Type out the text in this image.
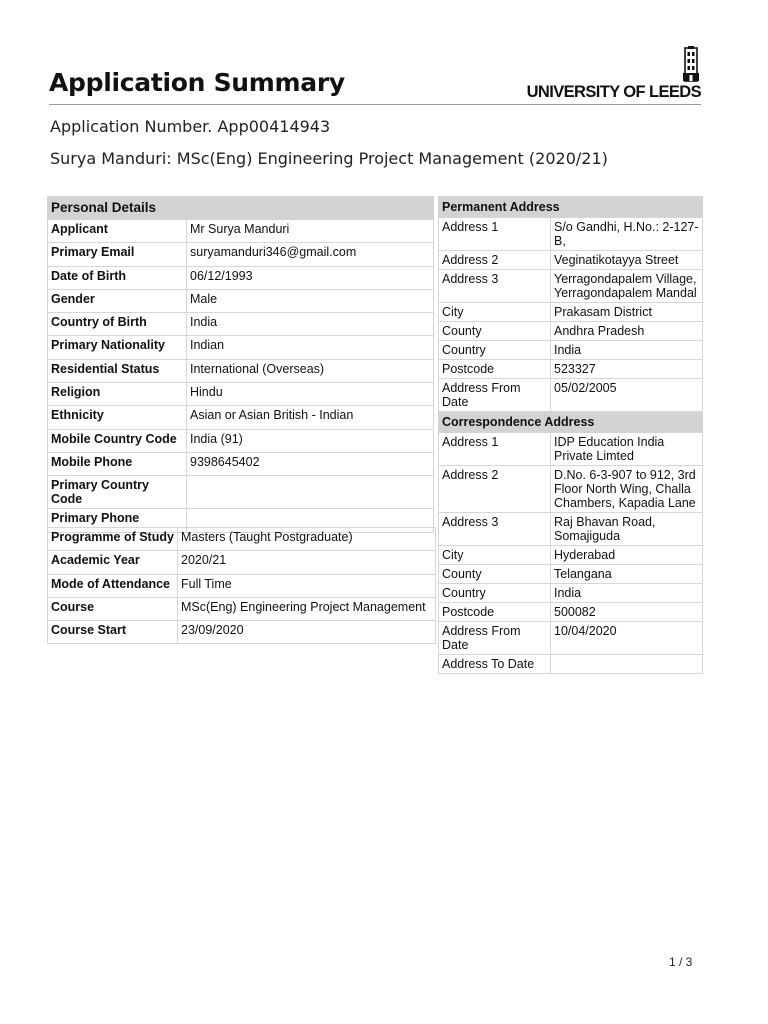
Application Summary	UNIVERSITY OF LEEDS
Application Number. App00414943
Surya Manduri: MSc(Eng) Engineering Project Management (2020/21)
Personal Details	
Applicant	Mr Surya Manduri
Primary Email	suryamanduri346@gmail.com
Date of Birth	06/12/1993
Gender	Male
Country of Birth	India
Primary Nationality	Indian
Residential Status	International (Overseas)
Religion	Hindu
Ethnicity	Asian or Asian British - Indian
Mobile Country Code	India (91)
Mobile Phone	9398645402
Primary Country Code	
Primary Phone	
Programme of Study	Masters (Taught Postgraduate)
Academic Year	2020/21
Mode of Attendance	Full Time
Course	MSc(Eng) Engineering Project Management
Course Start	23/09/2020
Permanent Address	
Address 1	S/o Gandhi, H.No.: 2-127-
B,
Address 2	Veginatikotayya Street
Address 3	Yerragondapalem Village,
Yerragondapalem Mandal
City	Prakasam District
County	Andhra Pradesh
Country	India
Postcode	523327
Address From
Date	05/02/2005
Correspondence Address	
Address 1	IDP Education India
Private Limted
Address 2	D.No. 6-3-907 to 912, 3rd
Floor North Wing, Challa
Chambers, Kapadia Lane
Address 3	Raj Bhavan Road,
Somajiguda
City	Hyderabad
County	Telangana
Country	India
Postcode	500082
Address From
Date	10/04/2020
Address To Date	
1 / 3
